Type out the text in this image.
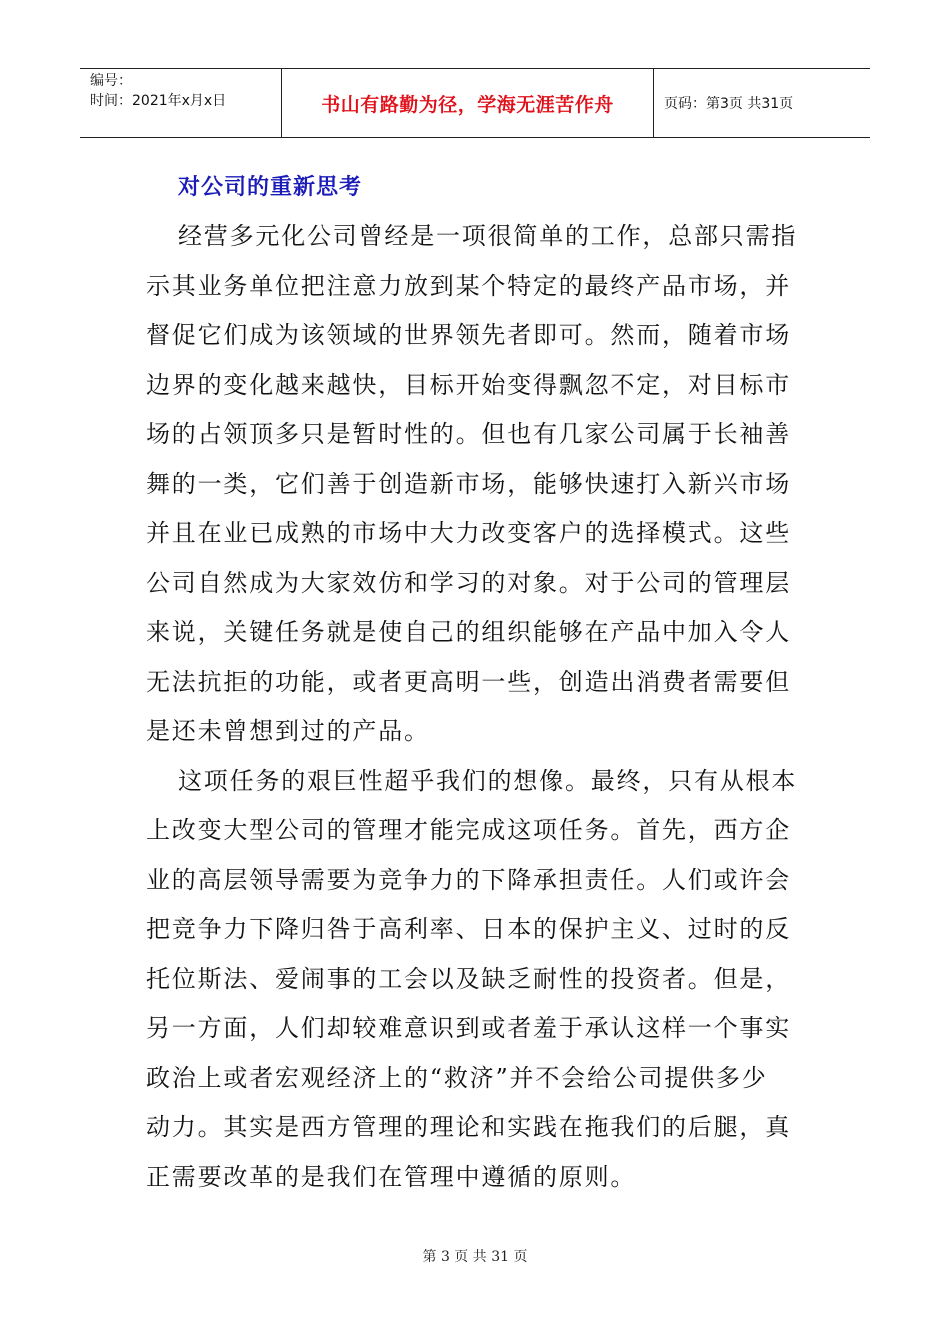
编号：
时间：2021年x月x日	书山有路勤为径，学海无涯苦作舟	页码：第3页 共31页
对公司的重新思考
经营多元化公司曾经是一项很简单的工作，总部只需指
示其业务单位把注意力放到某个特定的最终产品市场，并
督促它们成为该领域的世界领先者即可。然而，随着市场
边界的变化越来越快，目标开始变得飘忽不定，对目标市
场的占领顶多只是暂时性的。但也有几家公司属于长袖善
舞的一类，它们善于创造新市场，能够快速打入新兴市场
并且在业已成熟的市场中大力改变客户的选择模式。这些
公司自然成为大家效仿和学习的对象。对于公司的管理层
来说，关键任务就是使自己的组织能够在产品中加入令人
无法抗拒的功能，或者更高明一些，创造出消费者需要但
是还未曾想到过的产品。
这项任务的艰巨性超乎我们的想像。最终，只有从根本
上改变大型公司的管理才能完成这项任务。首先，西方企
业的高层领导需要为竞争力的下降承担责任。人们或许会
把竞争力下降归咎于高利率、日本的保护主义、过时的反
托位斯法、爱闹事的工会以及缺乏耐性的投资者。但是，
另一方面，人们却较难意识到或者羞于承认这样一个事实
政治上或者宏观经济上的“救济”并不会给公司提供多少
动力。其实是西方管理的理论和实践在拖我们的后腿，真
正需要改革的是我们在管理中遵循的原则。
第 3 页 共 31 页
